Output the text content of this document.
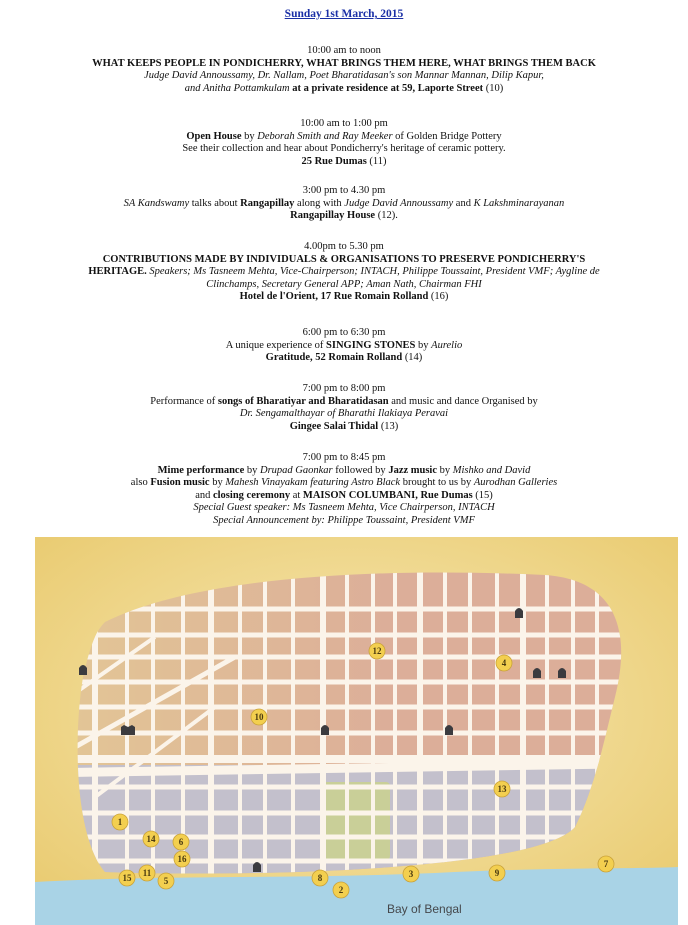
Sunday 1st March, 2015
10:00 am to noon
WHAT KEEPS PEOPLE IN PONDICHERRY, WHAT BRINGS THEM HERE, WHAT BRINGS THEM BACK
Judge David Annoussamy, Dr. Nallam, Poet Bharatidasan's son Mannar Mannan, Dilip Kapur,
and Anitha Pottamkulam at a private residence at 59, Laporte Street (10)
10:00 am to 1:00 pm
Open House by Deborah Smith and Ray Meeker of Golden Bridge Pottery
See their collection and hear about Pondicherry's heritage of ceramic pottery.
25 Rue Dumas (11)
3:00 pm to 4.30 pm
SA Kandswamy talks about Rangapillay along with Judge David Annoussamy and K Lakshminarayanan
Rangapillay House (12).
4.00pm to 5.30 pm
CONTRIBUTIONS MADE BY INDIVIDUALS & ORGANISATIONS TO PRESERVE PONDICHERRY'S
HERITAGE. Speakers; Ms Tasneem Mehta, Vice-Chairperson; INTACH, Philippe Toussaint, President VMF; Aygline de
Clinchamps, Secretary General APP; Aman Nath, Chairman FHI
Hotel de l'Orient, 17 Rue Romain Rolland (16)
6:00 pm to 6:30 pm
A unique experience of SINGING STONES by Aurelio
Gratitude, 52 Romain Rolland (14)
7:00 pm to 8:00 pm
Performance of songs of Bharatiyar and Bharatidasan and music and dance Organised by
Dr. Sengamalthayar of Bharathi Ilakiaya Peravai
Gingee Salai Thidal (13)
7:00 pm to 8:45 pm
Mime performance by Drupad Gaonkar followed by Jazz music by Mishko and David
also Fusion music by Mahesh Vinayakam featuring Astro Black brought to us by Aurodhan Galleries
and closing ceremony at MAISON COLUMBANI, Rue Dumas (15)
Special Guest speaker: Ms Tasneem Mehta, Vice Chairperson, INTACH
Special Announcement by: Philippe Toussaint, President VMF
Bay of Bengal
1
2
3
4
5
6
7
8	9
10
11
12
13
14
15
16
